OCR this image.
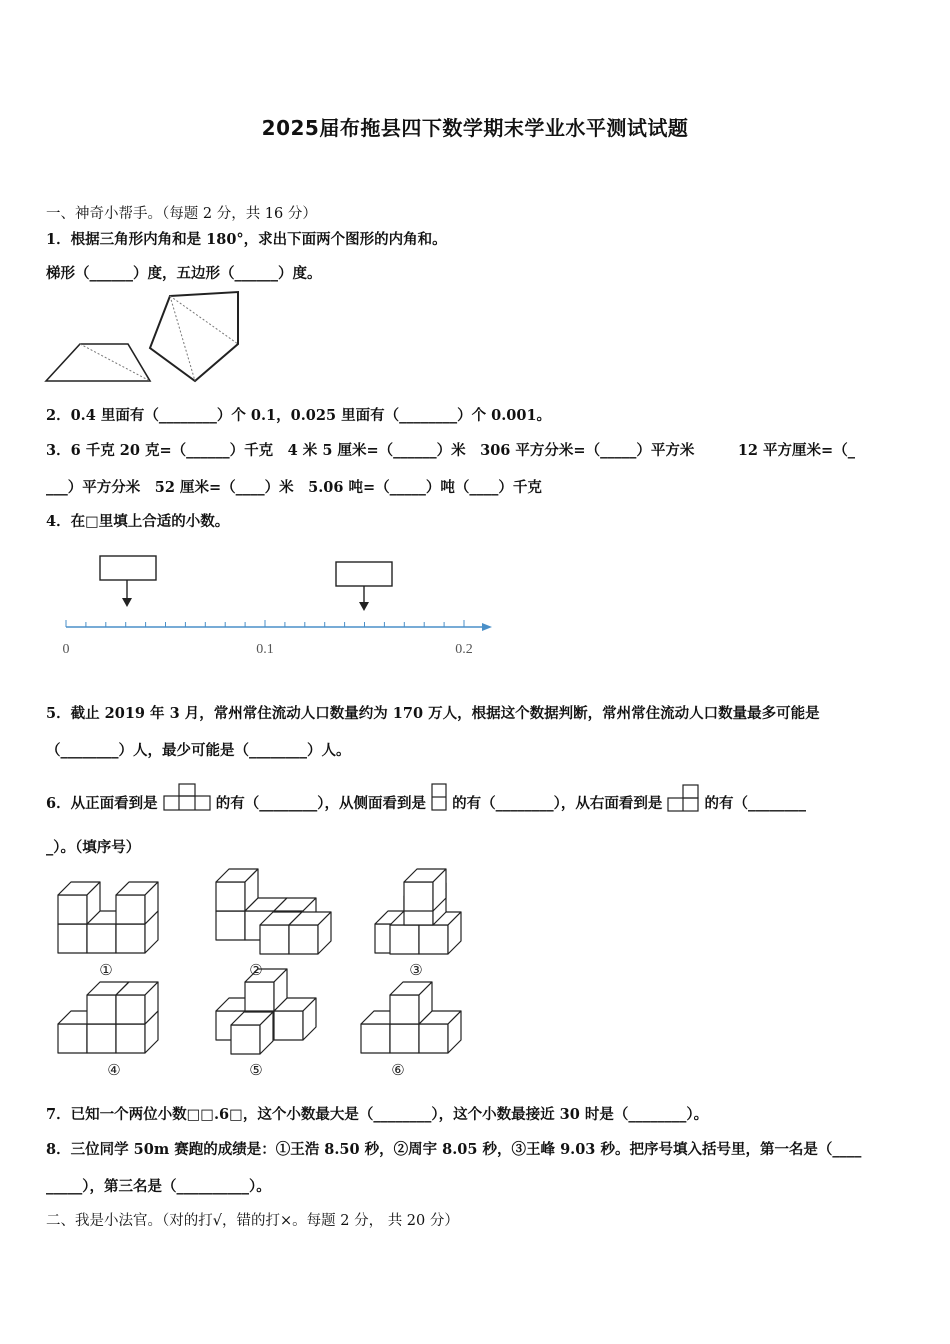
2025届布拖县四下数学期末学业水平测试试题
一、神奇小帮手。（每题 2 分，共 16 分）
1．根据三角形内角和是 180°，求出下面两个图形的内角和。
梯形（______）度，五边形（______）度。
2．0.4 里面有（________）个 0.1，0.025 里面有（________）个 0.001。
3．6 千克 20 克=（______）千克　4 米 5 厘米=（______）米　306 平方分米=（_____）平方米　　　12 平方厘米=（_
___）平方分米　52 厘米=（____）米　5.06 吨=（_____）吨（____）千克
4．在□里填上合适的小数。
0	0.1	0.2
5．截止 2019 年 3 月，常州常住流动人口数量约为 170 万人，根据这个数据判断，常州常住流动人口数量最多可能是
（________）人，最少可能是（________）人。
6．从正面看到是	的有（________），从侧面看到是 的有（________），从右面看到是	的有（________
_）。（填序号）
①	②	③
④	⑤	⑥
7．已知一个两位小数□□.6□，这个小数最大是（________），这个小数最接近 30 时是（________）。
8．三位同学 50m 赛跑的成绩是：①王浩 8.50 秒，②周宇 8.05 秒，③王峰 9.03 秒。把序号填入括号里，第一名是（____
_____），第三名是（__________）。
二、我是小法官。（对的打√，错的打×。每题 2 分， 共 20 分）
